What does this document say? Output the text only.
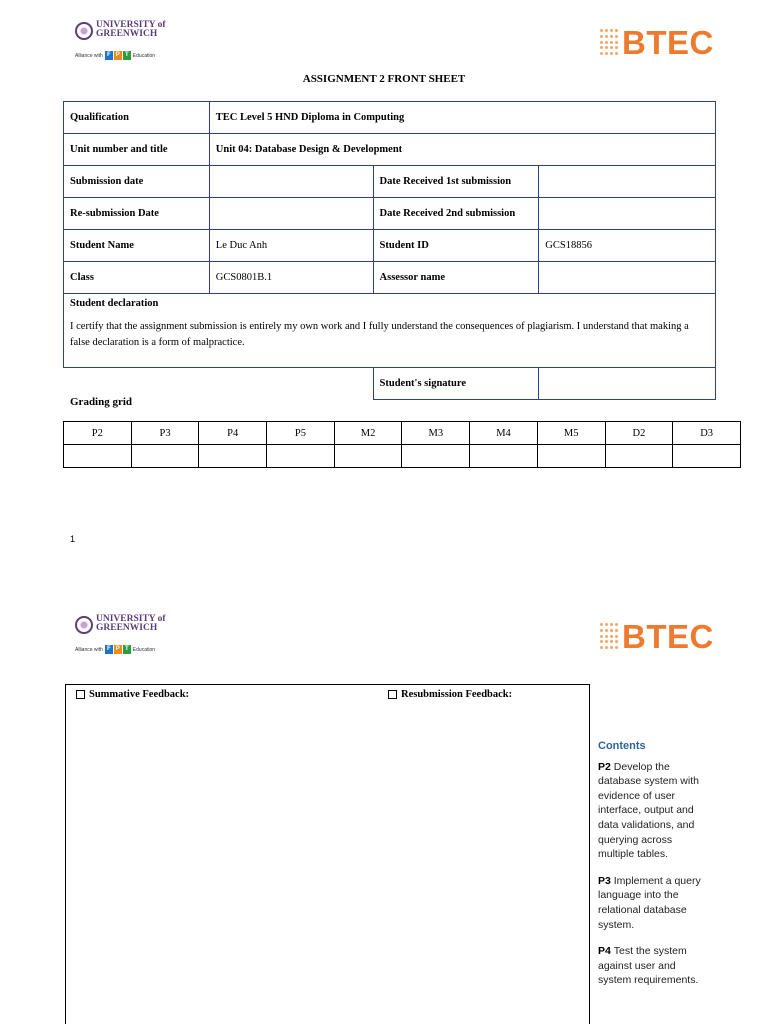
UNIVERSITY of
GREENWICH
Alliance with F P T Education	BTEC
ASSIGNMENT 2 FRONT SHEET
Qualification	TEC Level 5 HND Diploma in Computing		
Unit number and title	Unit 04: Database Design & Development		
Submission date		Date Received 1st submission	
Re-submission Date		Date Received 2nd submission	
Student Name	Le Duc Anh	Student ID	GCS18856
Class	GCS0801B.1	Assessor name	

Student declaration
I certify that the assignment submission is entirely my own work and I fully understand the consequences of plagiarism. I understand that making a false declaration is a form of malpractice.			

		Student's signature	
Grading grid
P2	P3	P4	P5	M2	M3	M4	M5	D2	D3

1
UNIVERSITY of
GREENWICH
Alliance with F P T Education	BTEC
Summative Feedback:	Resubmission Feedback:
Contents
P2 Develop the database system with evidence of user interface, output and data validations, and querying across multiple tables.
P3 Implement a query language into the relational database system.
P4 Test the system against user and system requirements.
